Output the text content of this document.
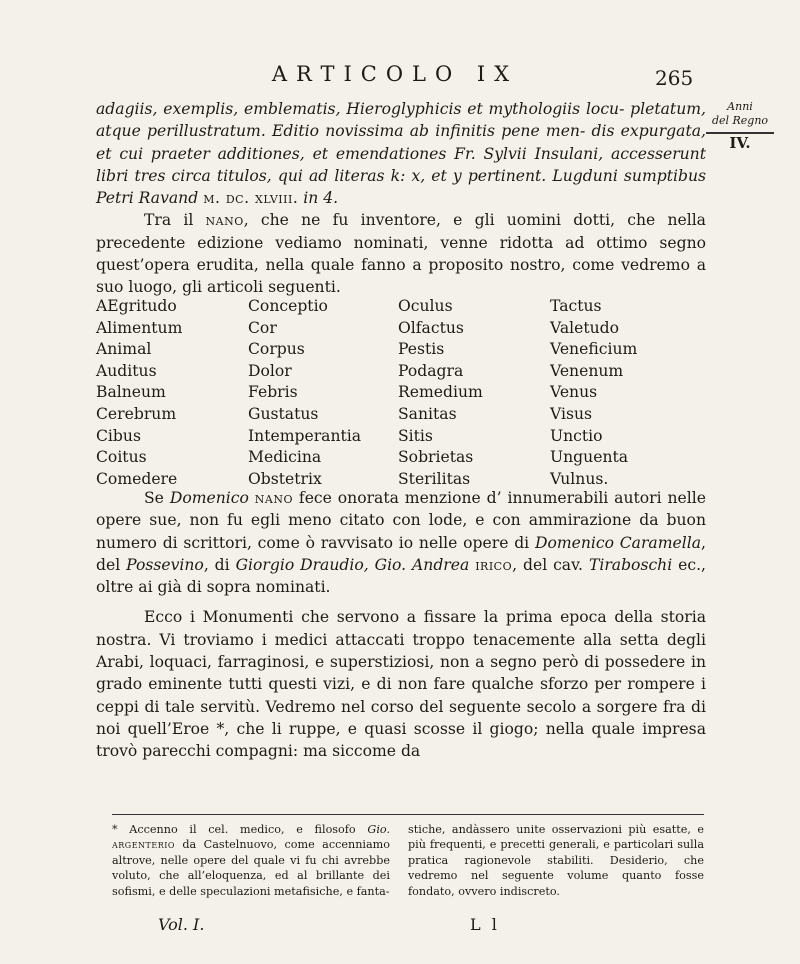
ARTICOLO IX	265
Anni
del Regno
IV.

adagiis, exemplis, emblematis, Hieroglyphicis et mythologiis locu- pletatum, atque perillustratum. Editio novissima ab infinitis pene men- dis expurgata, et cui praeter additiones, et emendationes Fr. Sylvii Insulani, accesserunt libri tres circa titulos, qui ad literas k: x, et y pertinent. Lugduni sumptibus Petri Ravand m. dc. xlviii. in 4.

Tra il nano, che ne fu inventore, e gli uomini dotti, che nella precedente edizione vediamo nominati, venne ridotta ad ottimo segno quest’opera erudita, nella quale fanno a proposito nostro, come vedremo a suo luogo, gli articoli seguenti.

AEgritudo	Conceptio	Oculus	Tactus
Alimentum	Cor	Olfactus	Valetudo
Animal	Corpus	Pestis	Veneficium
Auditus	Dolor	Podagra	Venenum
Balneum	Febris	Remedium	Venus
Cerebrum	Gustatus	Sanitas	Visus
Cibus	Intemperantia	Sitis	Unctio
Coitus	Medicina	Sobrietas	Unguenta
Comedere	Obstetrix	Sterilitas	Vulnus.

Se Domenico nano fece onorata menzione d’ innumerabili autori nelle opere sue, non fu egli meno citato con lode, e con ammirazione da buon numero di scrittori, come ò ravvisato io nelle opere di Domenico Caramella, del Possevino, di Giorgio Draudio, Gio. Andrea irico, del cav. Tiraboschi ec., oltre ai già di sopra nominati.

Ecco i Monumenti che servono a fissare la prima epoca della storia nostra. Vi troviamo i medici attaccati troppo tenacemente alla setta degli Arabi, loquaci, farraginosi, e superstiziosi, non a segno però di possedere in grado eminente tutti questi vizi, e di non fare qualche sforzo per rompere i ceppi di tale servitù. Vedremo nel corso del seguente secolo a sorgere fra di noi quell’Eroe *, che li ruppe, e quasi scosse il giogo; nella quale impresa trovò parecchi compagni: ma siccome da

* Accenno il cel. medico, e filosofo Gio. argenterio da Castelnuovo, come accenniamo altrove, nelle opere del quale vi fu chi avrebbe voluto, che all’eloquenza, ed al brillante dei sofismi, e delle speculazioni metafisiche, e fanta-
stiche, andàssero unite osservazioni più esatte, e più frequenti, e precetti generali, e particolari sulla pratica ragionevole stabiliti. Desiderio, che vedremo nel seguente volume quanto fosse fondato, ovvero indiscreto.
Vol. I.	L l
